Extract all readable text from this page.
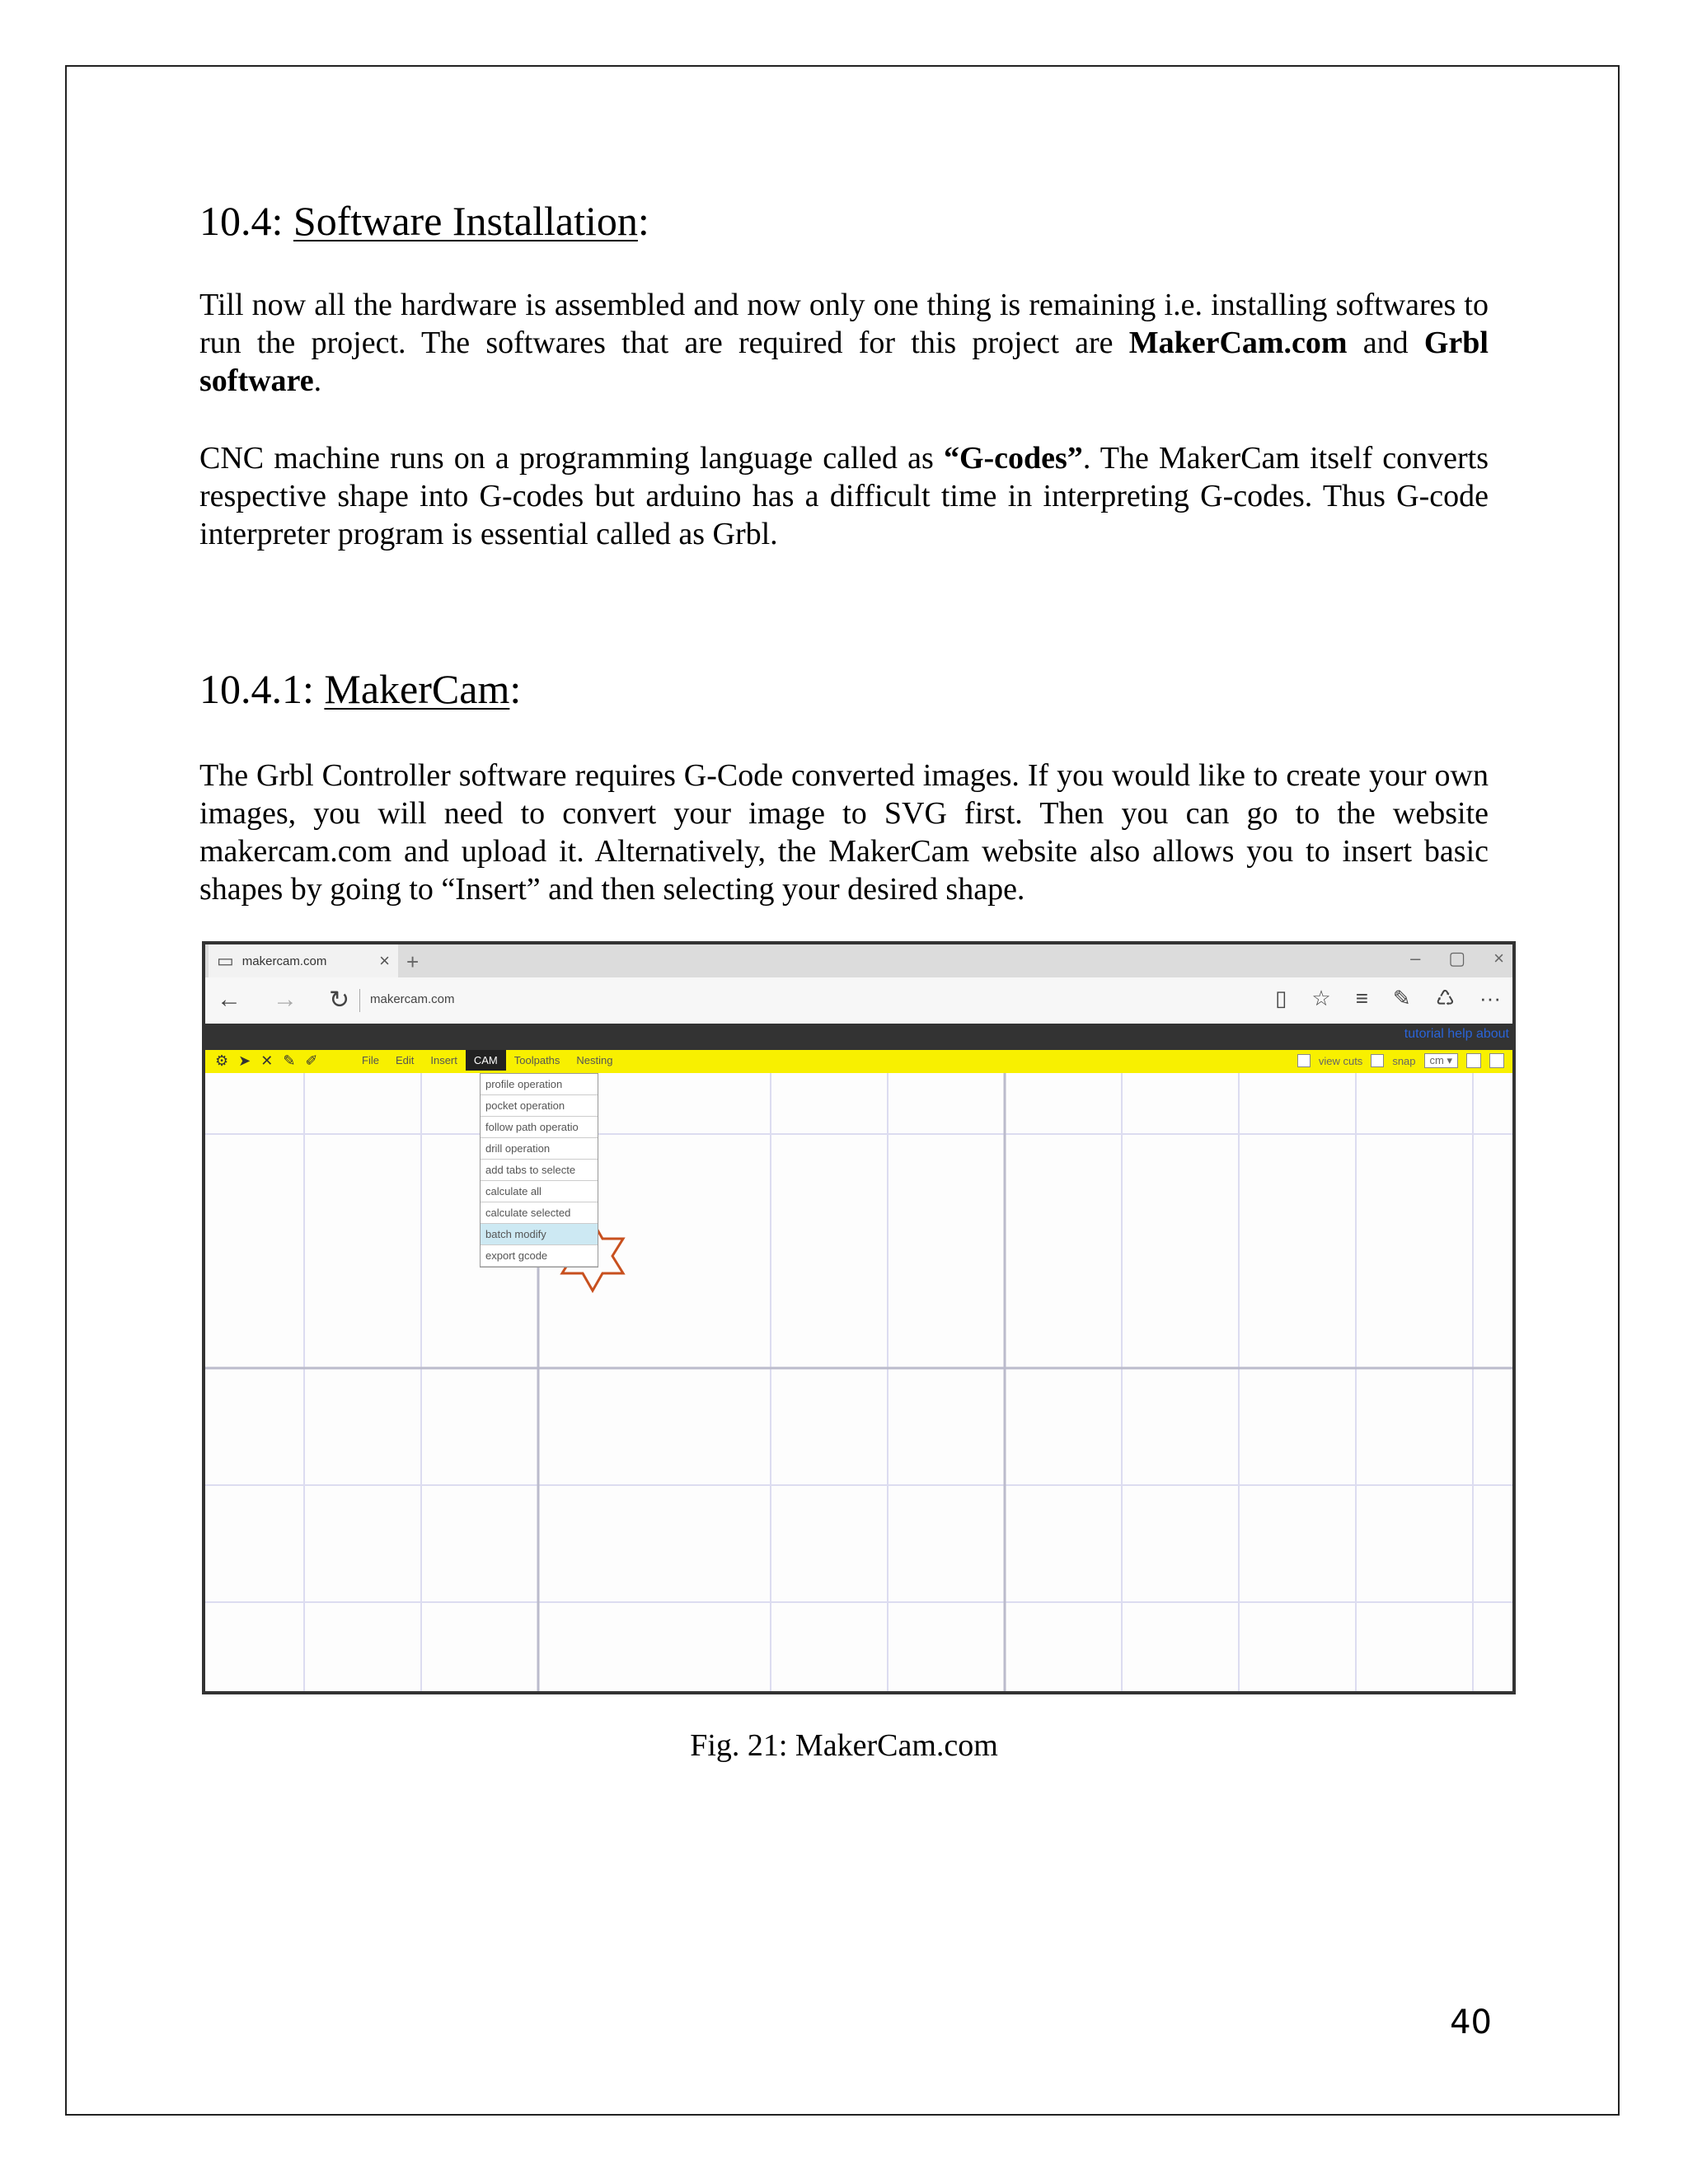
10.4: Software Installation:

Till now all the hardware is assembled and now only one thing is remaining i.e. installing softwares to run the project. The softwares that are required for this project are MakerCam.com and Grbl software.

CNC machine runs on a programming language called as “G-codes”. The MakerCam itself converts respective shape into G-codes but arduino has a difficult time in interpreting G-codes. Thus G-code interpreter program is essential called as Grbl.

10.4.1: MakerCam:

The Grbl Controller software requires G-Code converted images. If you would like to create your own images, you will need to convert your image to SVG first. Then you can go to the website makercam.com and upload it. Alternatively, the MakerCam website also allows you to insert basic shapes by going to “Insert” and then selecting your desired shape.

▭ makercam.com	× +	– ▢ ×
← → ↻ makercam.com	▯ ☆ ≡ ✎ ♺ ···
tutorial help about
⚙ ➤ ✕ ✎ ✐	File	Edit	Insert	CAM	Toolpaths	Nesting	view cuts	snap	cm ▾
profile operation
pocket operation
follow path operatio
drill operation
add tabs to selecte
calculate all
calculate selected
batch modify
export gcode

Fig. 21: MakerCam.com

40
